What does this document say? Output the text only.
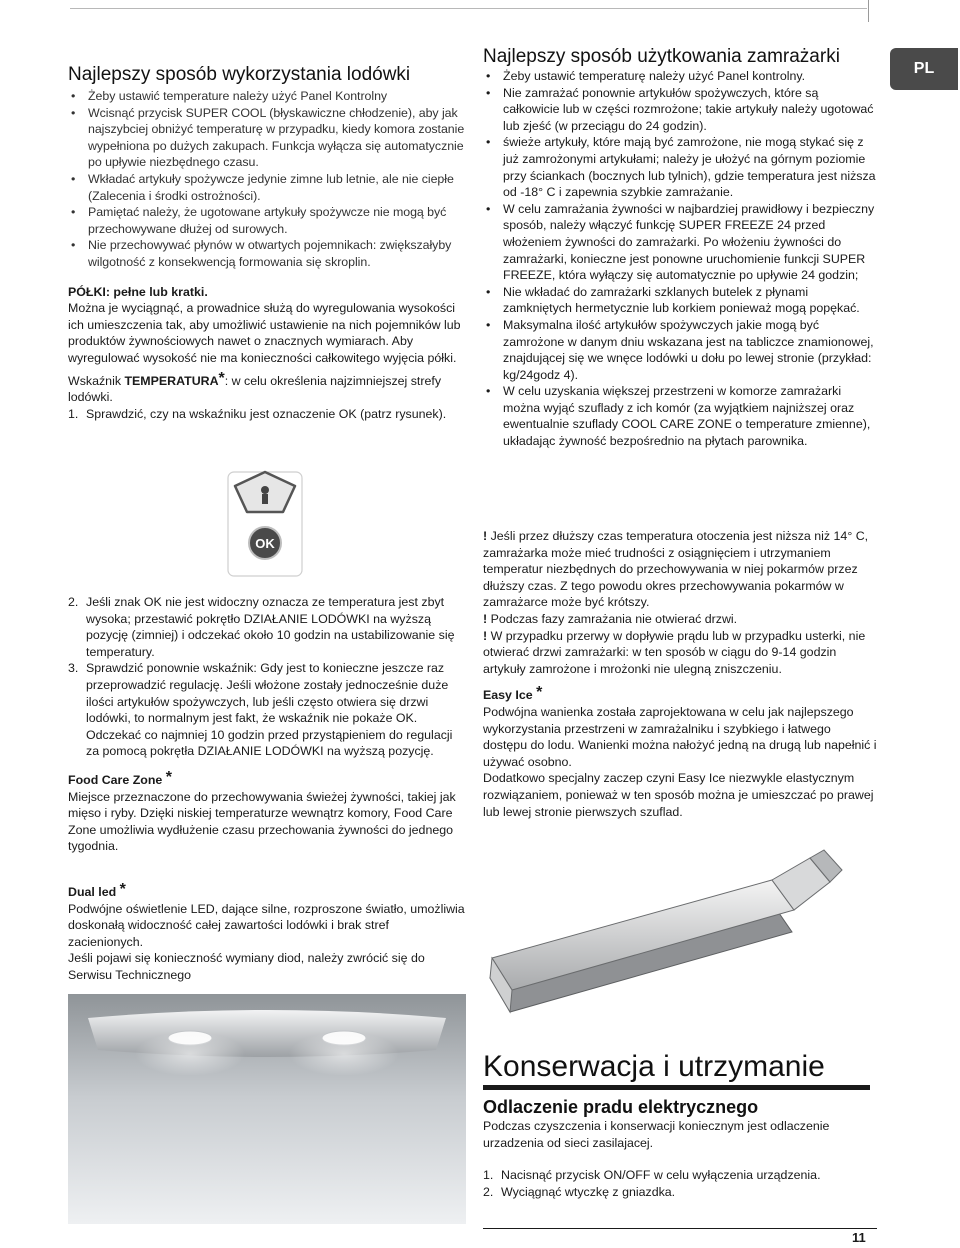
PL
Najlepszy sposób wykorzystania lodówki
• Żeby ustawić temperature należy użyć Panel Kontrolny
• Wcisnąć przycisk SUPER COOL (błyskawiczne chłodzenie), aby jak najszybciej obniżyć temperaturę w przypadku, kiedy komora zostanie wypełniona po dużych zakupach. Funkcja wyłącza się automatycznie po upływie niezbędnego czasu.
• Wkładać artykuły spożywcze jedynie zimne lub letnie, ale nie ciepłe (Zalecenia i środki ostrożności).
• Pamiętać należy, że ugotowane artykuły spożywcze nie mogą być przechowywane dłużej od surowych.
• Nie przechowywać płynów w otwartych pojemnikach: zwiększałyby wilgotność z konsekwencją formowania się skroplin.

PÓŁKI: pełne lub kratki.

Można je wyciągnąć, a prowadnice służą do wyregulowania wysokości ich umieszczenia tak, aby umożliwić ustawienie na nich pojemników lub produktów żywnościowych nawet o znacznych wymiarach. Aby wyregulować wysokość nie ma konieczności całkowitego wyjęcia półki.

Wskaźnik TEMPERATURA*: w celu określenia najzimniejszej strefy lodówki.

1. Sprawdzić, czy na wskaźniku jest oznaczenie OK (patrz rysunek).
OK
2. Jeśli znak OK nie jest widoczny oznacza ze temperatura jest zbyt wysoka; przestawić pokrętło DZIAŁANIE LODÓWKI na wyższą pozycję (zimniej) i odczekać około 10 godzin na ustabilizowanie się temperatury.
3. Sprawdzić ponownie wskaźnik: Gdy jest to konieczne jeszcze raz przeprowadzić regulację. Jeśli włożone zostały jednocześnie duże ilości artykułów spożywczych, lub jeśli często otwiera się drzwi lodówki, to normalnym jest fakt, że wskaźnik nie pokaże OK. Odczekać co najmniej 10 godzin przed przystąpieniem do regulacji za pomocą pokrętła DZIAŁANIE LODÓWKI na wyższą pozycję.

Food Care Zone *

Miejsce przeznaczone do przechowywania świeżej żywności, takiej jak mięso i ryby. Dzięki niskiej temperaturze wewnątrz komory, Food Care Zone umożliwia wydłużenie czasu przechowania żywności do jednego tygodnia.

Dual led *

Podwójne oświetlenie LED, dające silne, rozproszone światło, umożliwia doskonałą widoczność całej zawartości lodówki i brak stref zacienionych.

Jeśli pojawi się konieczność wymiany diod, należy zwrócić się do Serwisu Technicznego

Najlepszy sposób użytkowania zamrażarki
• Żeby ustawić temperaturę należy użyć Panel kontrolny.
• Nie zamrażać ponownie artykułów spożywczych, które są całkowicie lub w części rozmrożone; takie artykuły należy ugotować lub zjeść (w przeciągu do 24 godzin).
• świeże artykuły, które mają być zamrożone, nie mogą stykać się z już zamrożonymi artykułami; należy je ułożyć na górnym poziomie przy ściankach (bocznych lub tylnich), gdzie temperatura jest niższa od -18° C i zapewnia szybkie zamrażanie.
• W celu zamrażania żywności w najbardziej prawidłowy i bezpieczny sposób, należy włączyć funkcję SUPER FREEZE 24 przed włożeniem żywności do zamrażarki. Po włożeniu żywności do zamrażarki, konieczne jest ponowne uruchomienie funkcji SUPER FREEZE, która wyłączy się automatycznie po upływie 24 godzin;
• Nie wkładać do zamrażarki szklanych butelek z płynami zamkniętych hermetycznie lub korkiem ponieważ mogą popękać.
• Maksymalna ilość artykułów spożywczych jakie mogą być zamrożone w danym dniu wskazana jest na tabliczce znamionowej, znajdującej się we wnęce lodówki u dołu po lewej stronie (przykład: kg/24godz 4).
• W celu uzyskania większej przestrzeni w komorze zamrażarki można wyjąć szuflady z ich komór (za wyjątkiem najniższej oraz ewentualnie szuflady COOL CARE ZONE o temperature zmienne), układając żywność bezpośrednio na płytach parownika.

! Jeśli przez dłuższy czas temperatura otoczenia jest niższa niż 14° C, zamrażarka może mieć trudności z osiągnięciem i utrzymaniem temperatur niezbędnych do przechowywania w niej pokarmów przez dłuższy czas. Z tego powodu okres przechowywania pokarmów w zamrażarce może być krótszy.

! Podczas fazy zamrażania nie otwierać drzwi.

! W przypadku przerwy w dopływie prądu lub w przypadku usterki, nie otwierać drzwi zamrażarki: w ten sposób w ciągu do 9-14 godzin artykuły zamrożone i mrożonki nie ulegną zniszczeniu.

Easy Ice *

Podwójna wanienka została zaprojektowana w celu jak najlepszego wykorzystania przestrzeni w zamrażalniku i szybkiego i łatwego dostępu do lodu. Wanienki można nałożyć jedną na drugą lub napełnić i używać osobno.

Dodatkowo specjalny zaczep czyni Easy Ice niezwykle elastycznym rozwiązaniem, ponieważ w ten sposób można je umieszczać po prawej lub lewej stronie pierwszych szuflad.

Konserwacja i utrzymanie
Odlaczenie pradu elektrycznego

Podczas czyszczenia i konserwacji koniecznym jest odlaczenie urzadzenia od sieci zasilajacej.

1. Nacisnąć przycisk ON/OFF w celu wyłączenia urządzenia.
2. Wyciągnąć wtyczkę z gniazdka.
11
